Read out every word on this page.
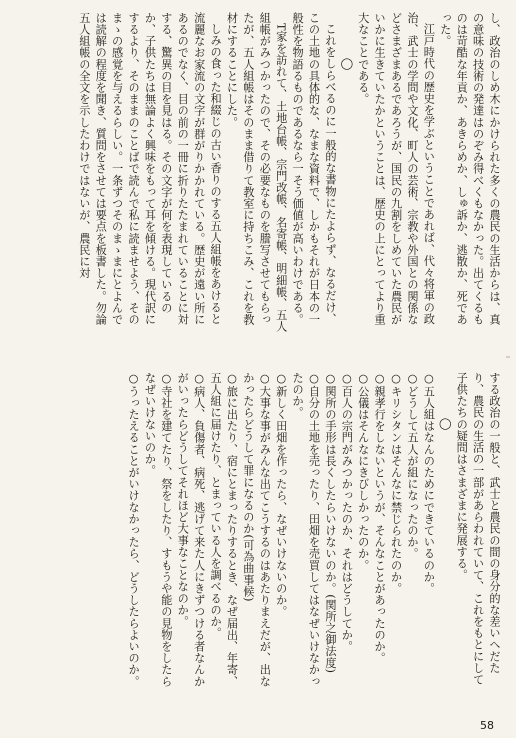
し、政治のしめ木にかけられた多くの農民の生活からは、真の意味の技術の発達はのぞみ得べくもなかった。出てくるものは苛酷な年貢か、あきらめか、しゅ訴か、逃散か、死であった。

江戸時代の歴史を学ぶということであれば、代々将軍の政治、武士の学問や文化、町人の芸術、宗教や外国との関係などさまざまあるであろうが、国民の九割をしめていた農民がいかに生きていたかということは、歴史の上にとってより重大なことである。

◯

これをしらべるのに一般的な書物にたよらず、なるだけ、この土地の具体的な、なまな資料で、しかもそれが日本の一般性を物語るものであるなら一そう価値が高いわけである。

T家を訪れて、土地台帳、宗門改帳、名寄帳、明細帳、五人組帳がみつかったので、その必要なものを謄写させてもらったが、五人組帳はそのまま借りて教室に持ちこみ、これを教材にすることにした。

しみの食った和綴じの古い香りのする五人組帳をあけると流麗なお家流の文字が群がりかかれている。歴史が遠い所にあるのでなく、目の前の一冊に折りたたまれていることに対する、驚異の目を見はる。その文字が何を表現しているのか、子供たちは無論よく興味をもって耳を傾ける。現代訳にするより、そのままのことばで読んで私に読ませよう、そのまゝの感覚を与えるらしい。一条ずつそのまゝまにとよんでは読解の程度を聞き、質問をさせては要点を板書した。勿論五人組帳の全文を示したわけではないが、農民に対

する政治の一般と、武士と農民の間の身分的な差いへだたり、農民の生活の一部があらわれていて、これをもとにして子供たちの疑問はさまざまに発展する。

◯

○五人組はなんのためにできているのか。

○どうして五人が組になったのか。

○キリシタンはそんなに禁じられたのか。

○親孝行をしないというが、そんなことがあったのか。

○公儀はそんなにきびしかったのか。

○百人の宗門がみつかったのか、それはどうしてか。

○関所の手形は長くしたらいけないのか。(関所之御法度)

○自分の土地を売ったり、田畑を売買してはなぜいけなかったのか。

○新しく田畑を作ったら、なぜいけないのか。

○大事な事がみんな出てこうするのはあたりまえだが、出なかったらどうして罪になるのか(可為曲事候)

○旅に出たり、宿にとまったりするとき、なぜ届出、年寄、五人組に届けたり、とまっている人を調べるのか。

○病人、負傷者、病死、逃げて来た人にきずつける者なんかがいったらどうしてそれほど大事なことなのか。

○寺社を建てたり、祭をしたり、すもうや能の見物をしたらなぜいけないのか。

○うったえることがいけなかったら、どうしたらよいのか。

58
